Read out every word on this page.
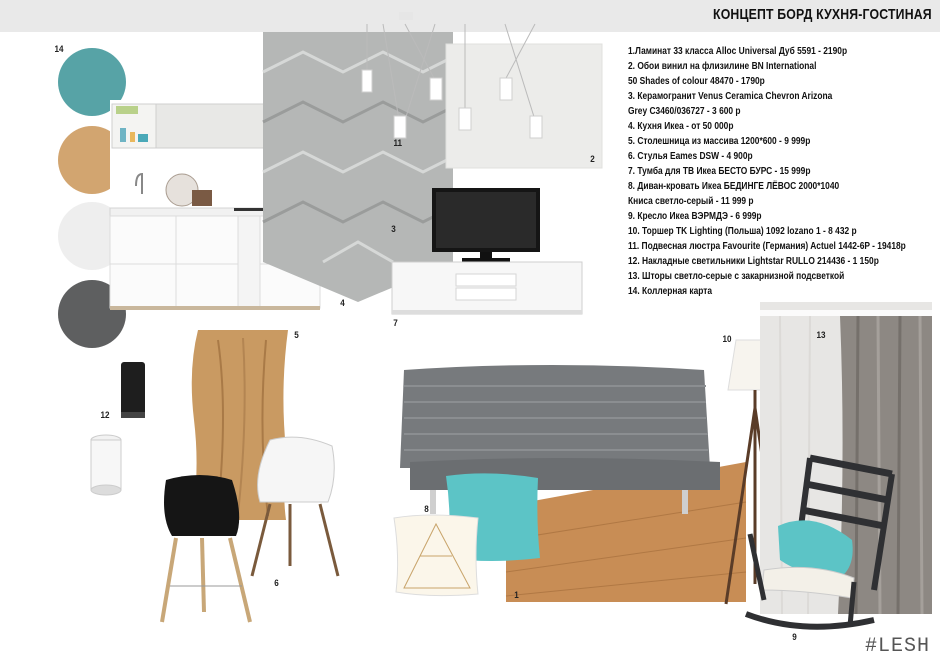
КОНЦЕПТ БОРД КУХНЯ-ГОСТИНАЯ
14
4
3
2
11
7
1.Ламинат 33 класса Alloc Universal Дуб 5591 - 2190р
2. Обои винил на флизилине BN International
50 Shades of colour 48470 - 1790р
3. Керамогранит Venus Ceramica Chevron Arizona
Grey C3460/036727 - 3 600 р
4. Кухня Икеа - от 50 000р
5. Столешница из массива 1200*600 - 9 999р
6. Стулья Eames DSW - 4 900р
7. Тумба для ТВ Икеа БЕСТО БУРС - 15 999р
8. Диван-кровать Икеа БЕДИНГЕ ЛЁВОС 2000*1040
Книса светло-серый - 11 999 р
9. Кресло Икеа ВЭРМДЭ - 6 999р
10. Торшер TK Lighting (Польша) 1092 lozano 1 - 8 432 р
11. Подвесная люстра Favourite (Германия) Actuel 1442-6P - 19418р
12. Накладные светильники Lightstar RULLO 214436 - 1 150р
13. Шторы светло-серые с закарнизной подсветкой
14. Коллерная карта
5
12
6
1
8
10	13
9	#LESH
